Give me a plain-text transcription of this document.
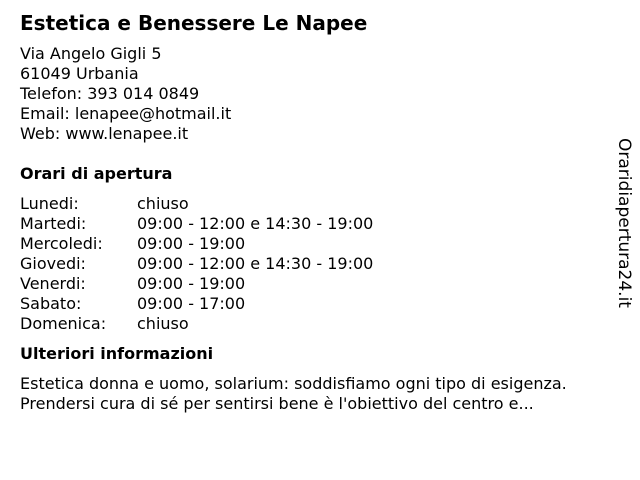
Estetica e Benessere Le Napee
Via Angelo Gigli 5
61049 Urbania
Telefon: 393 014 0849
Email: lenapee@hotmail.it
Web: www.lenapee.it
Orari di apertura
Lunedi:	chiuso
Martedi:	09:00 - 12:00 e 14:30 - 19:00
Mercoledi:	09:00 - 19:00
Giovedi:	09:00 - 12:00 e 14:30 - 19:00
Venerdi:	09:00 - 19:00
Sabato:	09:00 - 17:00
Domenica:	chiuso
Ulteriori informazioni
Estetica donna e uomo, solarium: soddisfiamo ogni tipo di esigenza.
Prendersi cura di sé per sentirsi bene è l'obiettivo del centro e...
Oraridiapertura24.it
